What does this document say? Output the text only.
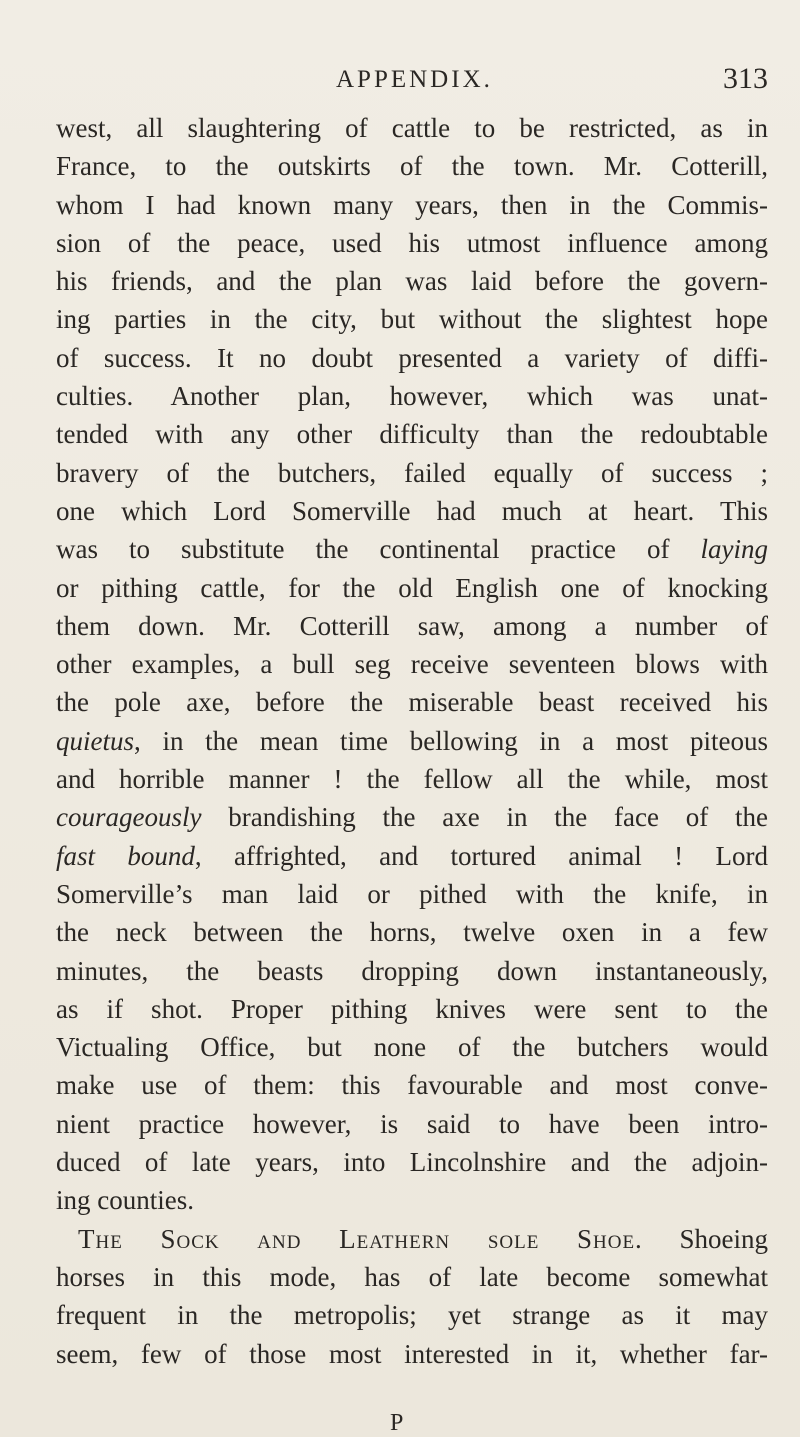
APPENDIX.	313
west, all slaughtering of cattle to be restricted, as in
France, to the outskirts of the town. Mr. Cotterill,
whom I had known many years, then in the Commis-
sion of the peace, used his utmost influence among
his friends, and the plan was laid before the govern-
ing parties in the city, but without the slightest hope
of success. It no doubt presented a variety of diffi-
culties. Another plan, however, which was unat-
tended with any other difficulty than the redoubtable
bravery of the butchers, failed equally of success ;
one which Lord Somerville had much at heart. This
was to substitute the continental practice of laying
or pithing cattle, for the old English one of knocking
them down. Mr. Cotterill saw, among a number of
other examples, a bull seg receive seventeen blows with
the pole axe, before the miserable beast received his
quietus, in the mean time bellowing in a most piteous
and horrible manner ! the fellow all the while, most
courageously brandishing the axe in the face of the
fast bound, affrighted, and tortured animal ! Lord
Somerville’s man laid or pithed with the knife, in
the neck between the horns, twelve oxen in a few
minutes, the beasts dropping down instantaneously,
as if shot. Proper pithing knives were sent to the
Victualing Office, but none of the butchers would
make use of them: this favourable and most conve-
nient practice however, is said to have been intro-
duced of late years, into Lincolnshire and the adjoin-
ing counties.
The Sock and Leathern sole Shoe. Shoeing
horses in this mode, has of late become somewhat
frequent in the metropolis; yet strange as it may
seem, few of those most interested in it, whether far-
P
